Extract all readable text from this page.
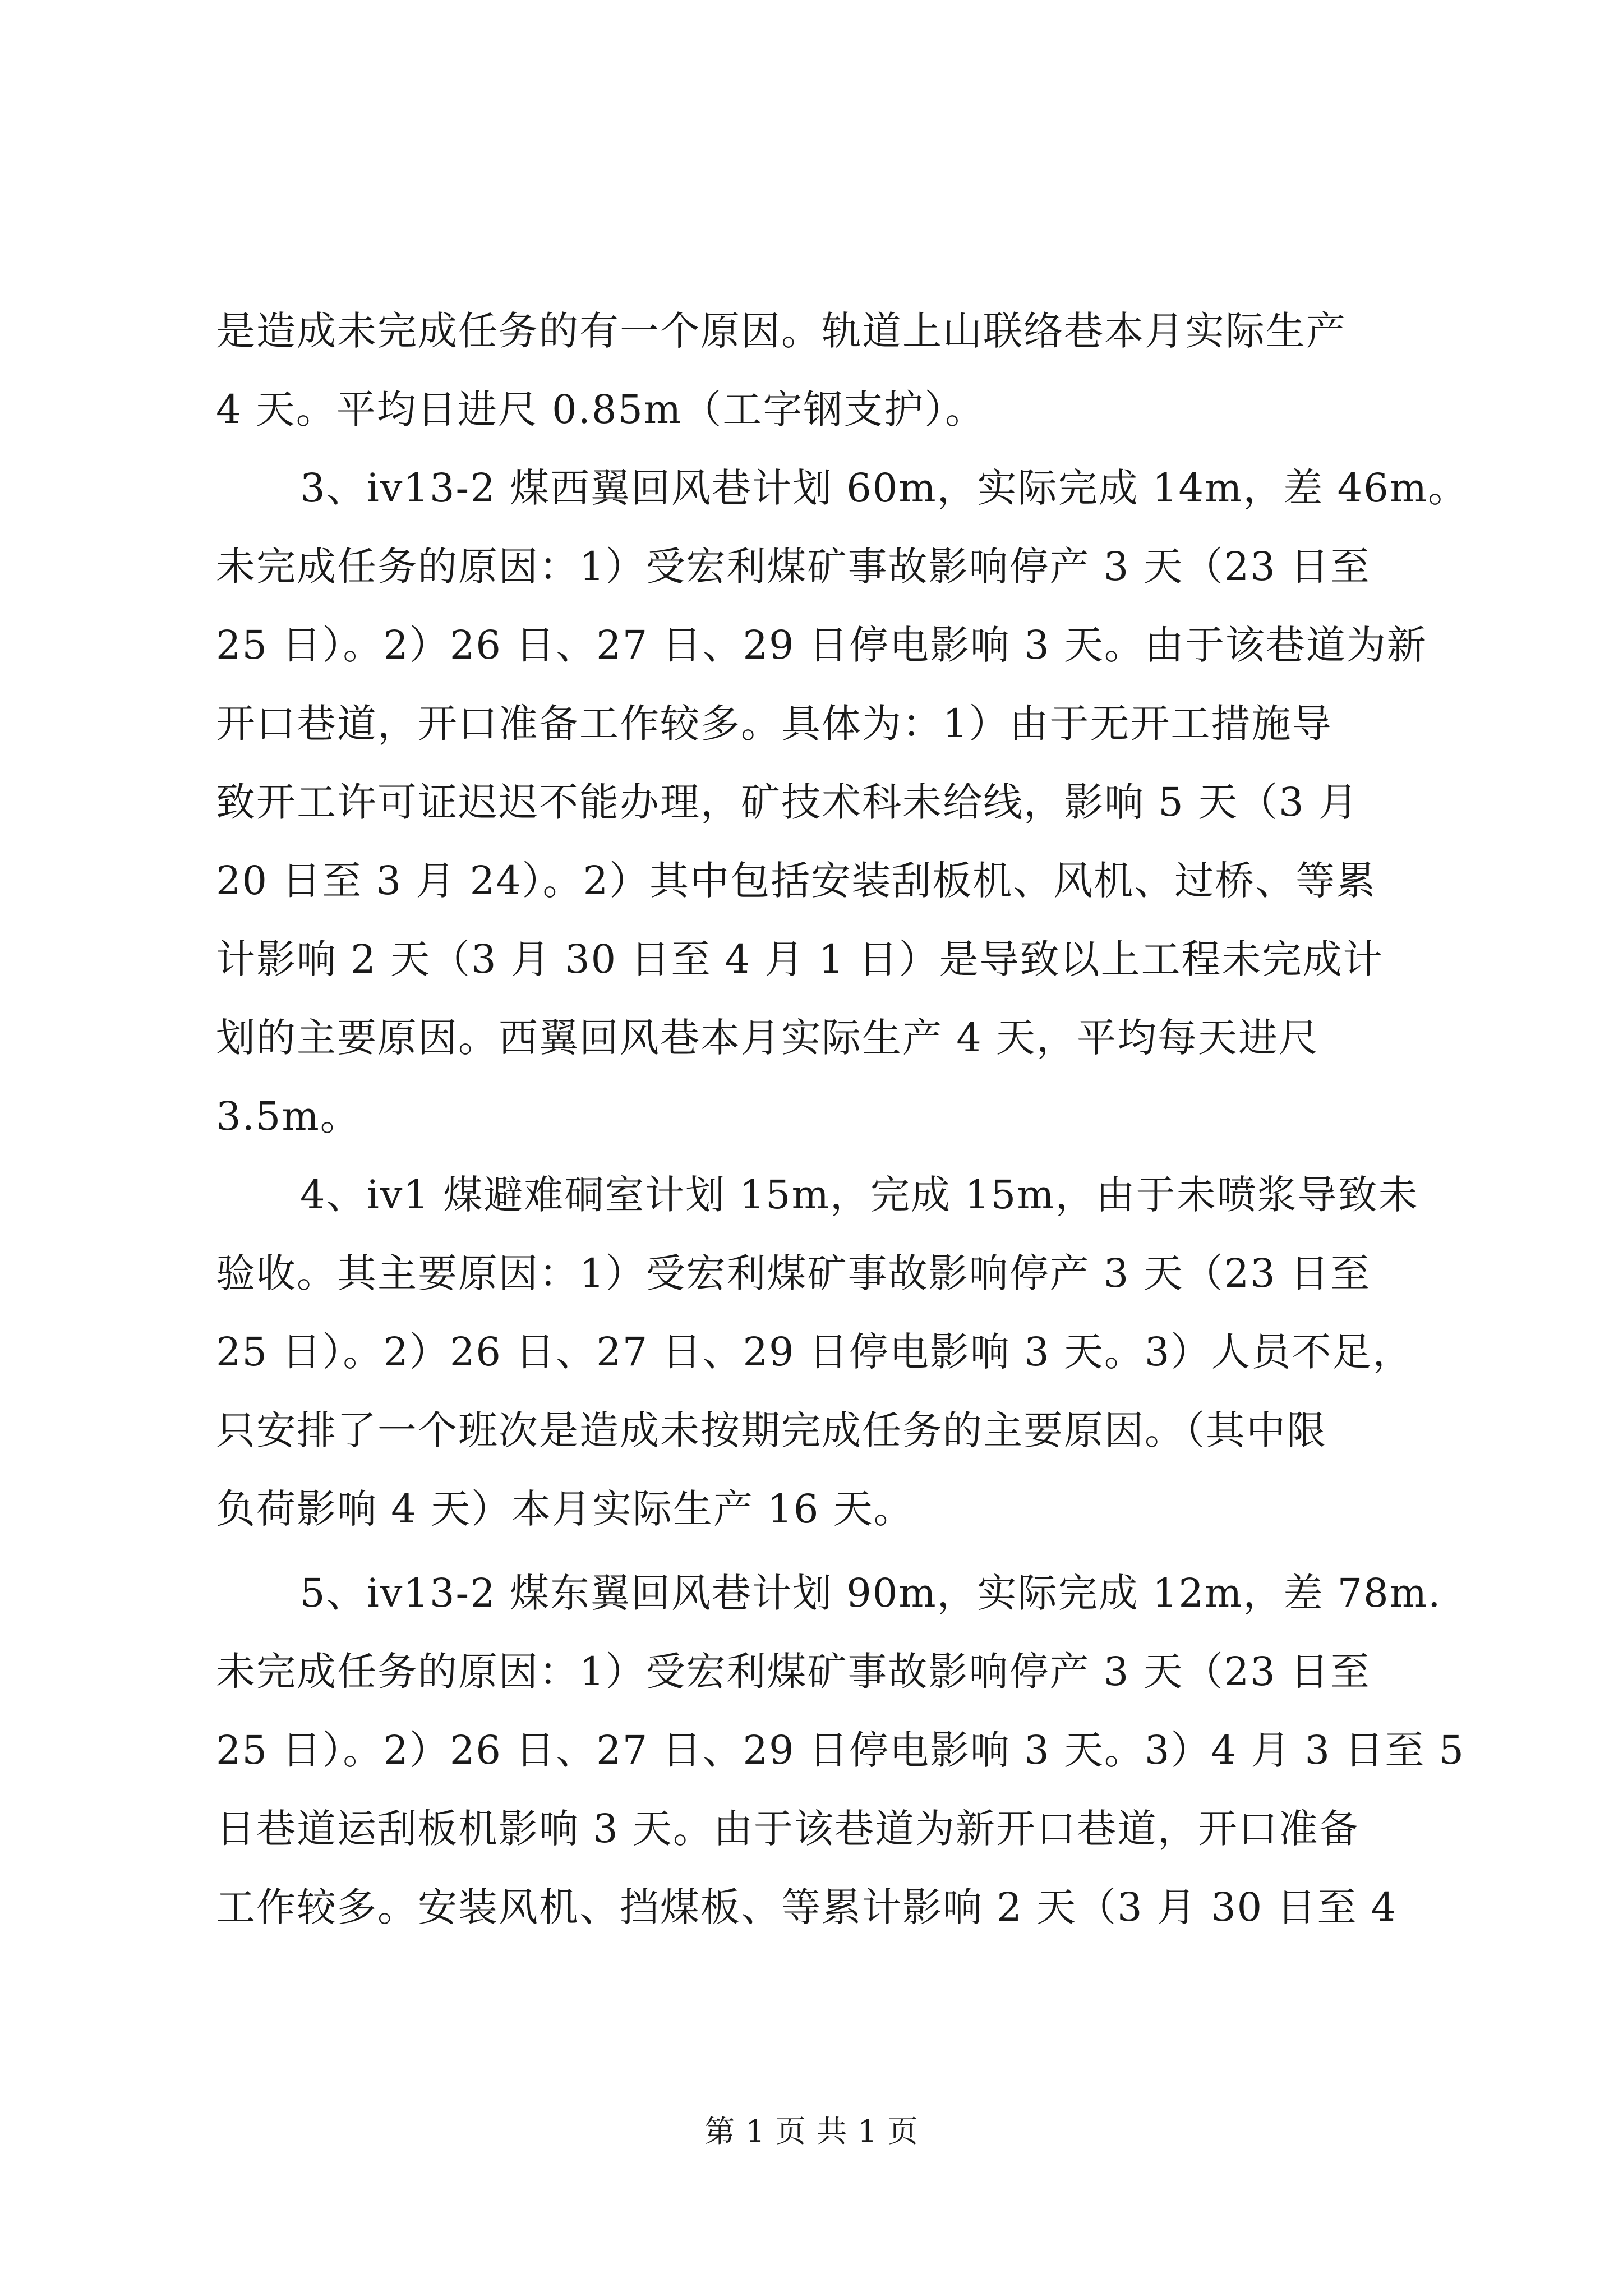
是造成未完成任务的有一个原因。轨道上山联络巷本月实际生产
4 天。平均日进尺 0.85m（工字钢支护）。
3、iv13-2 煤西翼回风巷计划 60m，实际完成 14m，差 46m。
未完成任务的原因：1）受宏利煤矿事故影响停产 3 天（23 日至
25 日）。2）26 日、27 日、29 日停电影响 3 天。由于该巷道为新
开口巷道，开口准备工作较多。具体为：1）由于无开工措施导
致开工许可证迟迟不能办理，矿技术科未给线，影响 5 天（3 月
20 日至 3 月 24）。2）其中包括安装刮板机、风机、过桥、等累
计影响 2 天（3 月 30 日至 4 月 1 日）是导致以上工程未完成计
划的主要原因。西翼回风巷本月实际生产 4 天，平均每天进尺
3.5m。
4、iv1 煤避难硐室计划 15m，完成 15m，由于未喷浆导致未
验收。其主要原因：1）受宏利煤矿事故影响停产 3 天（23 日至
25 日）。2）26 日、27 日、29 日停电影响 3 天。3）人员不足，
只安排了一个班次是造成未按期完成任务的主要原因。（其中限
负荷影响 4 天）本月实际生产 16 天。
5、iv13-2 煤东翼回风巷计划 90m，实际完成 12m，差 78m.
未完成任务的原因：1）受宏利煤矿事故影响停产 3 天（23 日至
25 日）。2）26 日、27 日、29 日停电影响 3 天。3）4 月 3 日至 5
日巷道运刮板机影响 3 天。由于该巷道为新开口巷道，开口准备
工作较多。安装风机、挡煤板、等累计影响 2 天（3 月 30 日至 4
第 1 页 共 1 页
